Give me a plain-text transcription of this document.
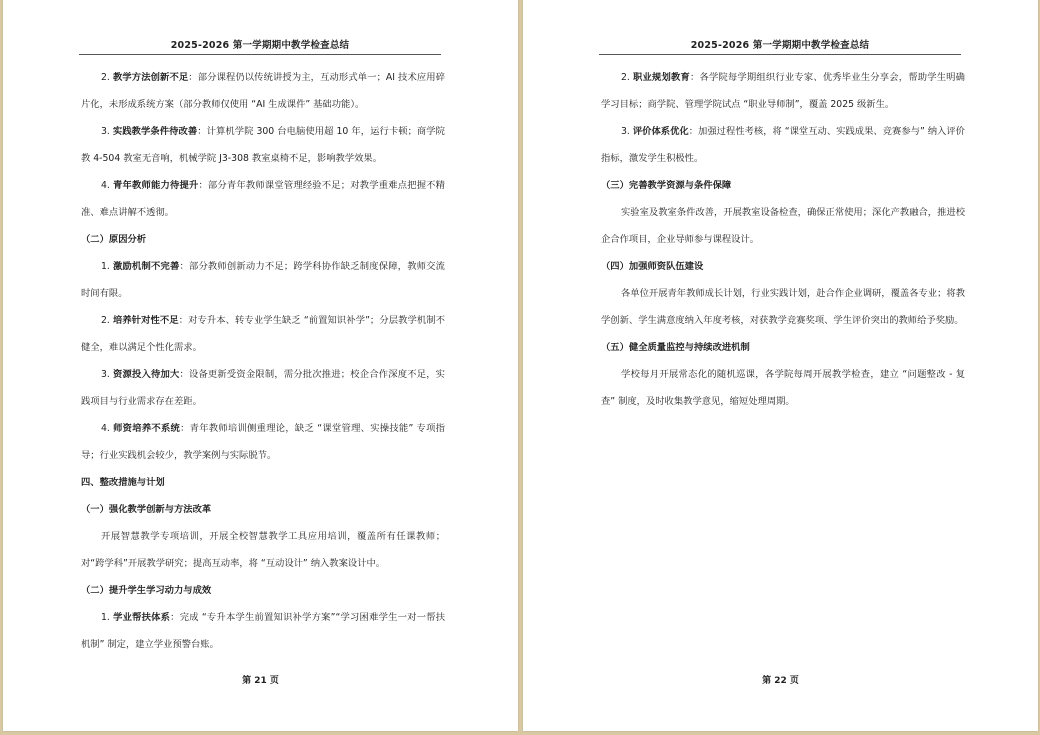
2025-2026 第一学期期中教学检查总结

2. 教学方法创新不足：部分课程仍以传统讲授为主，互动形式单一；AI 技术应用碎片化，未形成系统方案（部分教师仅使用 “AI 生成课件” 基础功能）。

3. 实践教学条件待改善：计算机学院 300 台电脑使用超 10 年，运行卡顿；商学院教 4-504 教室无音响，机械学院 J3-308 教室桌椅不足，影响教学效果。

4. 青年教师能力待提升：部分青年教师课堂管理经验不足；对教学重难点把握不精准、难点讲解不透彻。

（二）原因分析

1. 激励机制不完善：部分教师创新动力不足；跨学科协作缺乏制度保障，教师交流时间有限。

2. 培养针对性不足：对专升本、转专业学生缺乏 “前置知识补学”；分层教学机制不健全，难以满足个性化需求。

3. 资源投入待加大：设备更新受资金限制，需分批次推进；校企合作深度不足，实践项目与行业需求存在差距。

4. 师资培养不系统：青年教师培训侧重理论，缺乏 “课堂管理、实操技能” 专项指导；行业实践机会较少，教学案例与实际脱节。

四、整改措施与计划

（一）强化教学创新与方法改革

开展智慧教学专项培训，开展全校智慧教学工具应用培训，覆盖所有任课教师；对“跨学科”开展教学研究；提高互动率，将 “互动设计” 纳入教案设计中。

（二）提升学生学习动力与成效

1. 学业帮扶体系：完成 “专升本学生前置知识补学方案”“学习困难学生一对一帮扶机制” 制定，建立学业预警台账。

第 21 页
2025-2026 第一学期期中教学检查总结

2. 职业规划教育：各学院每学期组织行业专家、优秀毕业生分享会，帮助学生明确学习目标；商学院、管理学院试点 “职业导师制”，覆盖 2025 级新生。

3. 评价体系优化：加强过程性考核，将 “课堂互动、实践成果、竞赛参与” 纳入评价指标，激发学生积极性。

（三）完善教学资源与条件保障

实验室及教室条件改善，开展教室设备检查，确保正常使用；深化产教融合，推进校企合作项目，企业导师参与课程设计。

（四）加强师资队伍建设

各单位开展青年教师成长计划，行业实践计划，赴合作企业调研，覆盖各专业；将教学创新、学生满意度纳入年度考核，对获教学竞赛奖项、学生评价突出的教师给予奖励。

（五）健全质量监控与持续改进机制

学校每月开展常态化的随机巡课，各学院每周开展教学检查，建立 “问题整改 - 复查” 制度，及时收集教学意见，缩短处理周期。

第 22 页
